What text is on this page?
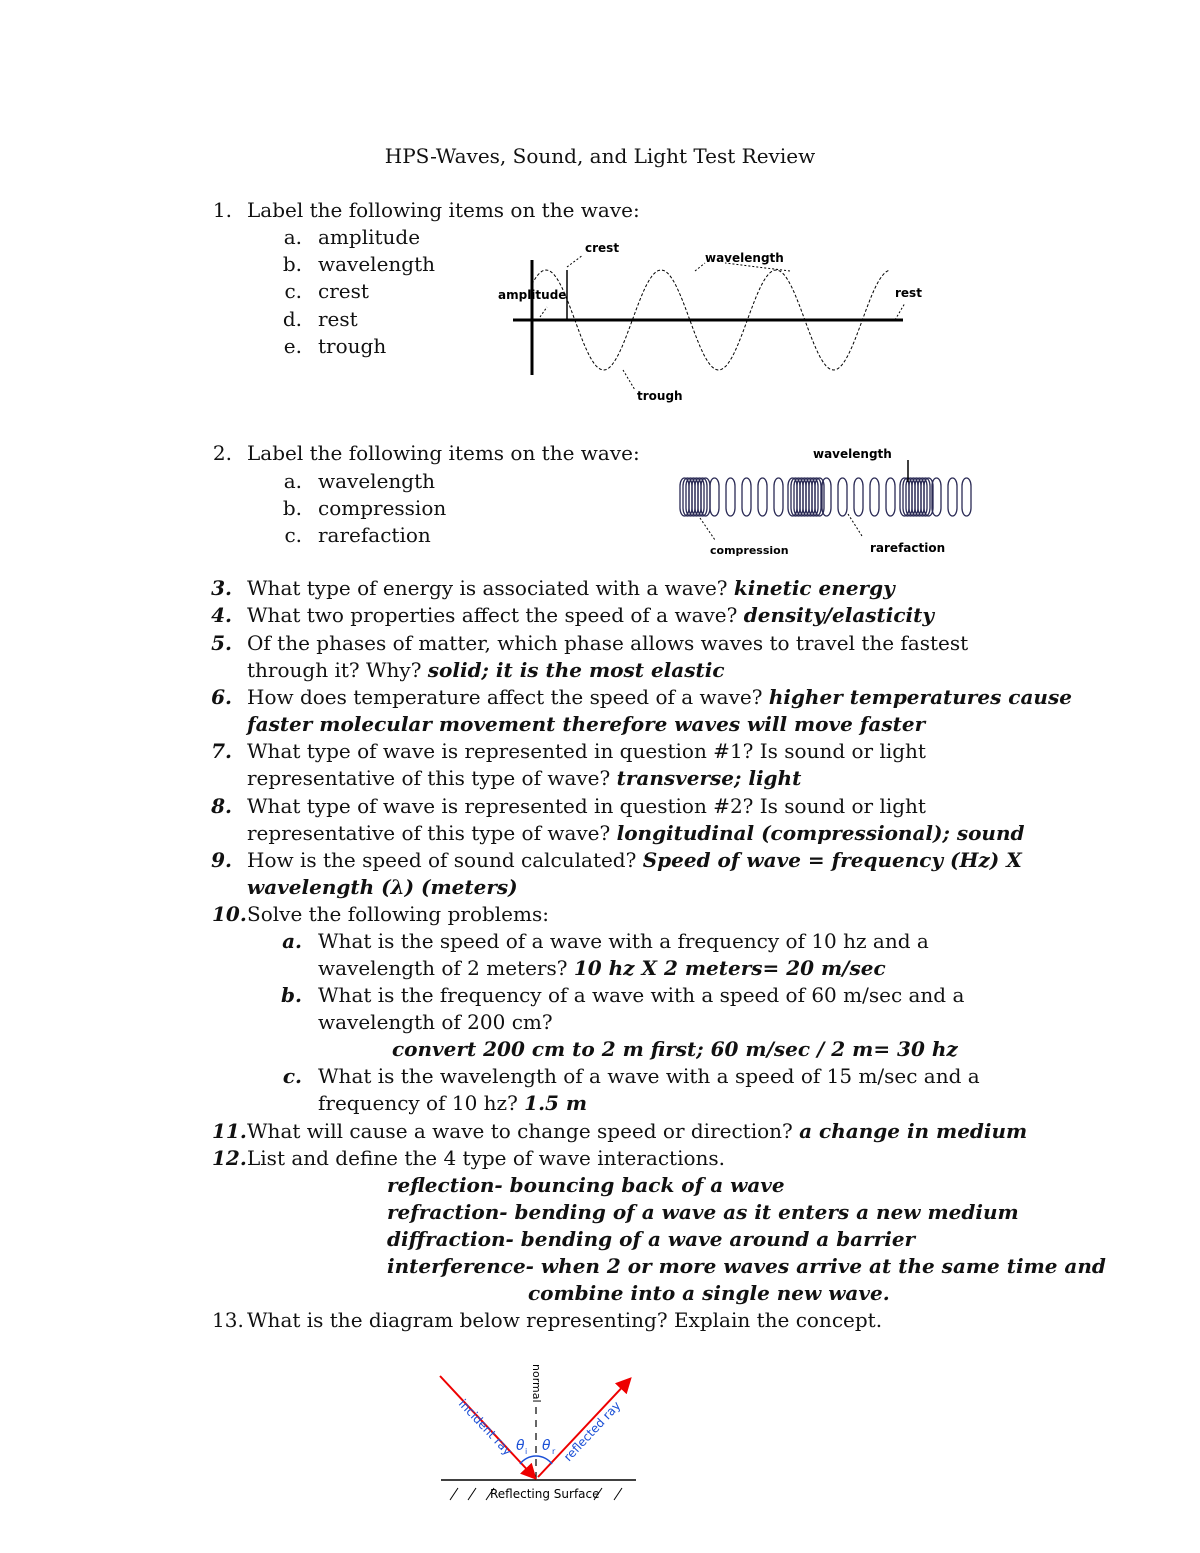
HPS-Waves, Sound, and Light Test Review
1. Label the following items on the wave:
a. amplitude
b. wavelength
c. crest
d. rest
e. trough
crest
wavelength
amplitude	rest
trough
2. Label the following items on the wave:
a. wavelength
b. compression
c. rarefaction
wavelength
compression	rarefaction
3. What type of energy is associated with a wave? kinetic energy
4. What two properties affect the speed of a wave? density/elasticity
5. Of the phases of matter, which phase allows waves to travel the fastest
through it? Why? solid; it is the most elastic
6. How does temperature affect the speed of a wave? higher temperatures cause
faster molecular movement therefore waves will move faster
7. What type of wave is represented in question #1? Is sound or light
representative of this type of wave? transverse; light
8. What type of wave is represented in question #2? Is sound or light
representative of this type of wave? longitudinal (compressional); sound
9. How is the speed of sound calculated? Speed of wave = frequency (Hz) X
wavelength (λ) (meters)
10. Solve the following problems:
a. What is the speed of a wave with a frequency of 10 hz and a
wavelength of 2 meters? 10 hz X 2 meters= 20 m/sec
b. What is the frequency of a wave with a speed of 60 m/sec and a
wavelength of 200 cm?
convert 200 cm to 2 m first; 60 m/sec / 2 m= 30 hz
c. What is the wavelength of a wave with a speed of 15 m/sec and a
frequency of 10 hz? 1.5 m
11. What will cause a wave to change speed or direction? a change in medium
12. List and define the 4 type of wave interactions.
reflection- bouncing back of a wave
refraction- bending of a wave as it enters a new medium
diffraction- bending of a wave around a barrier
interference- when 2 or more waves arrive at the same time and
combine into a single new wave.
13. What is the diagram below representing? Explain the concept.
normal
incident ray	reflected ray
θ i θ r
Reflecting Surface
